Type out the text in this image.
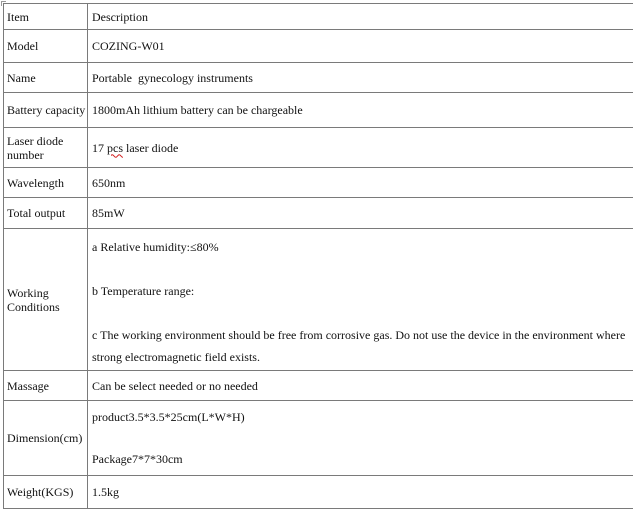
Item	Description
Model	COZING-W01
Name	Portable  gynecology instruments
Battery capacity	1800mAh lithium battery can be chargeable
Laser diode number	17 pcs laser diode
Wavelength	650nm
Total output	85mW
Working Conditions	a Relative humidity:≤80%
b Temperature range:
c The working environment should be free from corrosive gas. Do not use the device in the environment where strong electromagnetic field exists.

Massage	Can be select needed or no needed
Dimension(cm)	product3.5*3.5*25cm(L*W*H)
Package7*7*30cm

Weight(KGS)	1.5kg
